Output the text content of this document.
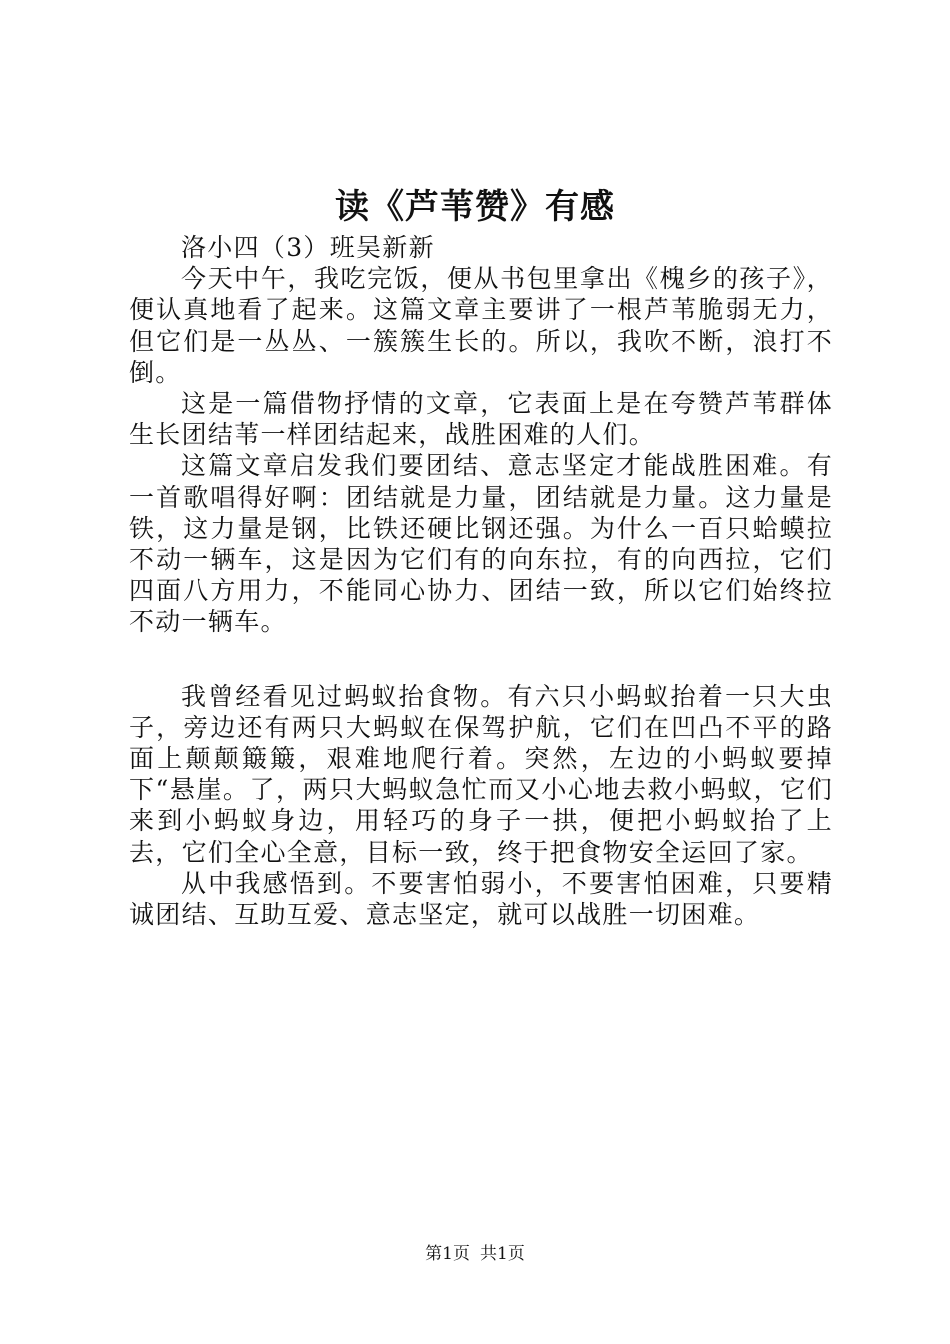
读《芦苇赞》有感

洛小四（3）班吴新新

今天中午，我吃完饭，便从书包里拿出《槐乡的孩子》，便认真地看了起来。这篇文章主要讲了一根芦苇脆弱无力，但它们是一丛丛、一簇簇生长的。所以，我吹不断，浪打不倒。

这是一篇借物抒情的文章，它表面上是在夸赞芦苇群体生长团结苇一样团结起来，战胜困难的人们。

这篇文章启发我们要团结、意志坚定才能战胜困难。有一首歌唱得好啊：团结就是力量，团结就是力量。这力量是铁，这力量是钢，比铁还硬比钢还强。为什么一百只蛤蟆拉不动一辆车，这是因为它们有的向东拉，有的向西拉，它们四面八方用力，不能同心协力、团结一致，所以它们始终拉不动一辆车。

我曾经看见过蚂蚁抬食物。有六只小蚂蚁抬着一只大虫子，旁边还有两只大蚂蚁在保驾护航，它们在凹凸不平的路面上颠颠簸簸，艰难地爬行着。突然，左边的小蚂蚁要掉下“悬崖。了，两只大蚂蚁急忙而又小心地去救小蚂蚁，它们来到小蚂蚁身边，用轻巧的身子一拱，便把小蚂蚁抬了上去，它们全心全意，目标一致，终于把食物安全运回了家。

从中我感悟到。不要害怕弱小，不要害怕困难，只要精诚团结、互助互爱、意志坚定，就可以战胜一切困难。

第1页 共1页
